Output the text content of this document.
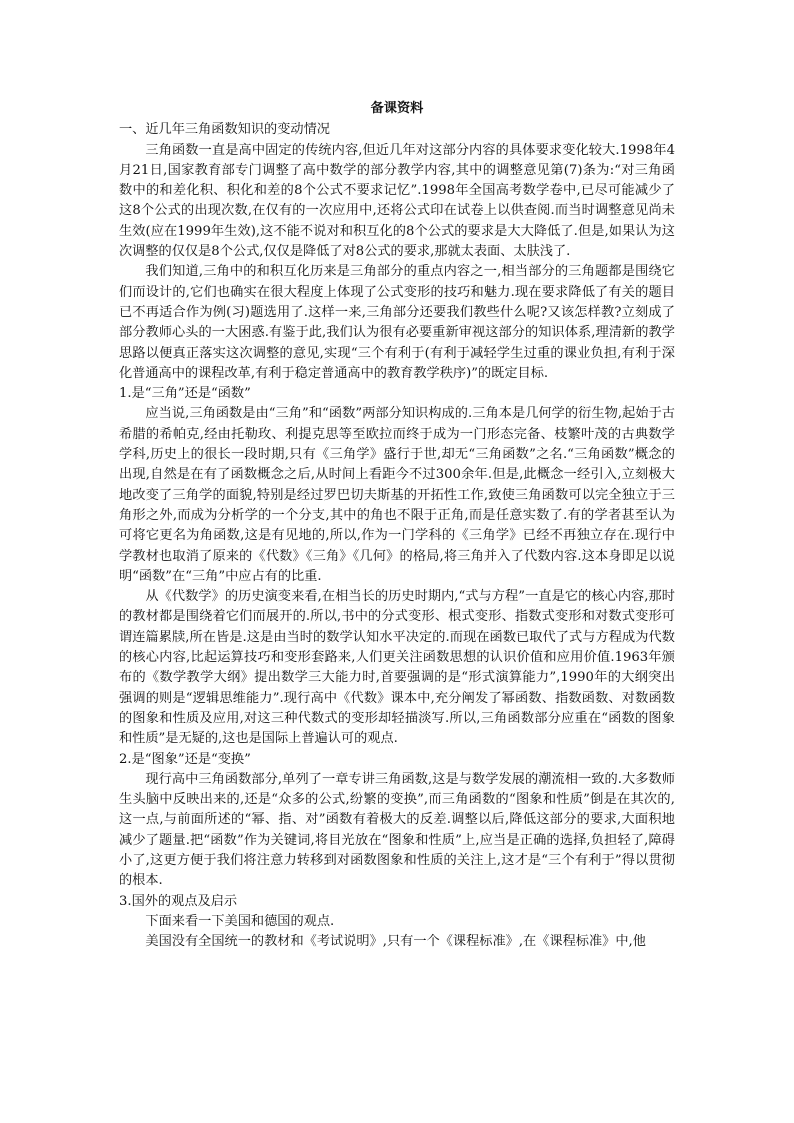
备课资料

一、近几年三角函数知识的变动情况

三角函数一直是高中固定的传统内容,但近几年对这部分内容的具体要求变化较大.1998年4月21日,国家教育部专门调整了高中数学的部分教学内容,其中的调整意见第(7)条为:“对三角函数中的和差化积、积化和差的8个公式不要求记忆”.1998年全国高考数学卷中,已尽可能减少了这8个公式的出现次数,在仅有的一次应用中,还将公式印在试卷上以供查阅.而当时调整意见尚未生效(应在1999年生效),这不能不说对和积互化的8个公式的要求是大大降低了.但是,如果认为这次调整的仅仅是8个公式,仅仅是降低了对8公式的要求,那就太表面、太肤浅了.

我们知道,三角中的和积互化历来是三角部分的重点内容之一,相当部分的三角题都是围绕它们而设计的,它们也确实在很大程度上体现了公式变形的技巧和魅力.现在要求降低了有关的题目已不再适合作为例(习)题选用了.这样一来,三角部分还要我们教些什么呢?又该怎样教?立刻成了部分教师心头的一大困惑.有鉴于此,我们认为很有必要重新审视这部分的知识体系,理清新的教学思路以便真正落实这次调整的意见,实现“三个有利于(有利于减轻学生过重的课业负担,有利于深化普通高中的课程改革,有利于稳定普通高中的教育教学秩序)”的既定目标.

1.是“三角”还是“函数”

应当说,三角函数是由“三角”和“函数”两部分知识构成的.三角本是几何学的衍生物,起始于古希腊的希帕克,经由托勒玫、利提克思等至欧拉而终于成为一门形态完备、枝繁叶茂的古典数学学科,历史上的很长一段时期,只有《三角学》盛行于世,却无“三角函数”之名.“三角函数”概念的出现,自然是在有了函数概念之后,从时间上看距今不过300余年.但是,此概念一经引入,立刻极大地改变了三角学的面貌,特别是经过罗巴切夫斯基的开拓性工作,致使三角函数可以完全独立于三角形之外,而成为分析学的一个分支,其中的角也不限于正角,而是任意实数了.有的学者甚至认为可将它更名为角函数,这是有见地的,所以,作为一门学科的《三角学》已经不再独立存在.现行中学教材也取消了原来的《代数》《三角》《几何》的格局,将三角并入了代数内容.这本身即足以说明“函数”在“三角”中应占有的比重.

从《代数学》的历史演变来看,在相当长的历史时期内,“式与方程”一直是它的核心内容,那时的教材都是围绕着它们而展开的.所以,书中的分式变形、根式变形、指数式变形和对数式变形可谓连篇累牍,所在皆是.这是由当时的数学认知水平决定的.而现在函数已取代了式与方程成为代数的核心内容,比起运算技巧和变形套路来,人们更关注函数思想的认识价值和应用价值.1963年颁布的《数学教学大纲》提出数学三大能力时,首要强调的是“形式演算能力”,1990年的大纲突出强调的则是“逻辑思维能力”.现行高中《代数》课本中,充分阐发了幂函数、指数函数、对数函数的图象和性质及应用,对这三种代数式的变形却轻描淡写.所以,三角函数部分应重在“函数的图象和性质”是无疑的,这也是国际上普遍认可的观点.

2.是“图象”还是“变换”

现行高中三角函数部分,单列了一章专讲三角函数,这是与数学发展的潮流相一致的.大多数师生头脑中反映出来的,还是“众多的公式,纷繁的变换”,而三角函数的“图象和性质”倒是在其次的,这一点,与前面所述的“幂、指、对”函数有着极大的反差.调整以后,降低这部分的要求,大面积地减少了题量.把“函数”作为关键词,将目光放在“图象和性质”上,应当是正确的选择,负担轻了,障碍小了,这更方便于我们将注意力转移到对函数图象和性质的关注上,这才是“三个有利于”得以贯彻的根本.

3.国外的观点及启示

下面来看一下美国和德国的观点.

美国没有全国统一的教材和《考试说明》,只有一个《课程标准》,在《课程标准》中,他
